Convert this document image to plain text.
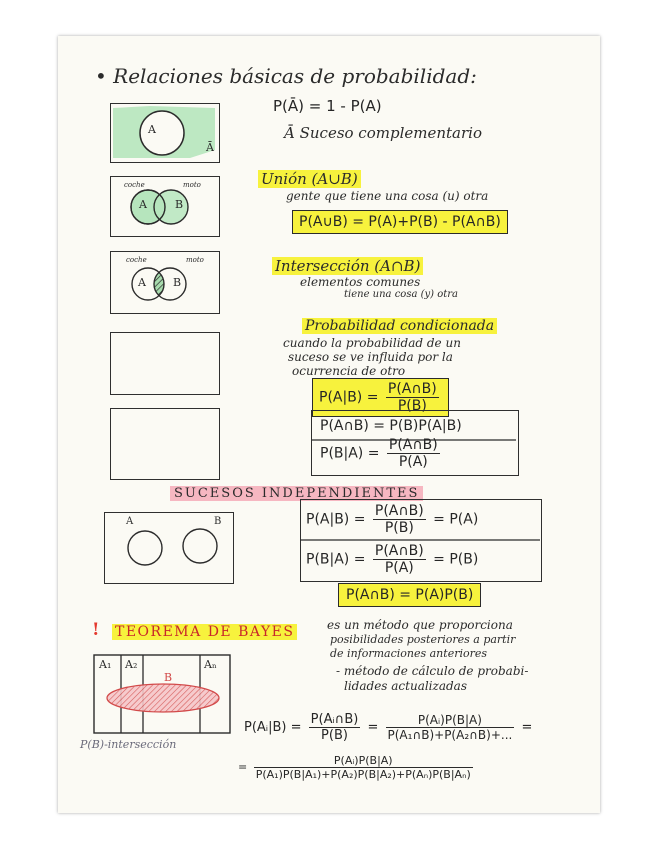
• Relaciones básicas de probabilidad:
A
Ā
P(Ā) = 1 - P(A)
Ā Suceso complementario
coche	moto
A	B
Unión (A∪B)
gente que tiene una cosa (u) otra
P(A∪B) = P(A)+P(B) - P(A∩B)
coche	moto
A B
Intersección (A∩B)
elementos comunes
tiene una cosa (y) otra
Probabilidad condicionada
cuando la probabilidad de un
suceso se ve influida por la
ocurrencia de otro
$P(A|B) = \frac{P(A\cap B)}{P(B)}$
P(A∩B) = P(B)P(A|B)
$P(B|A) = \frac{P(A\cap B)}{P(A)}$
SUCESOS INDEPENDIENTES
A	B	$P(A|B) = \frac{P(A\cap B)}{P(B)} = P(A)$
$P(B|A) = \frac{P(A\cap B)}{P(A)} = P(B)$
P(A∩B) = P(A)P(B)
! TEOREMA DE BAYES	es un método que proporciona
posibilidades posteriores a partir
de informaciones anteriores
- método de cálculo de probabi-
lidades actualizadas
A₁ A₂	Aₙ
B
P(B)-intersección
P(Aᵢ|B) = $\frac{\text{P(Aᵢ∩B)}}{P(B)} = \frac{\text{P(Aᵢ)P(B|A)}}{\text{P(A₁∩B)+P(A₂∩B)+...}}$ =
= $\frac{\text{P(Aᵢ)P(B|A)}}{\text{P(A₁)P(B|A₁)+P(A₂)P(B|A₂)+P(Aₙ)P(B|Aₙ)}}$
